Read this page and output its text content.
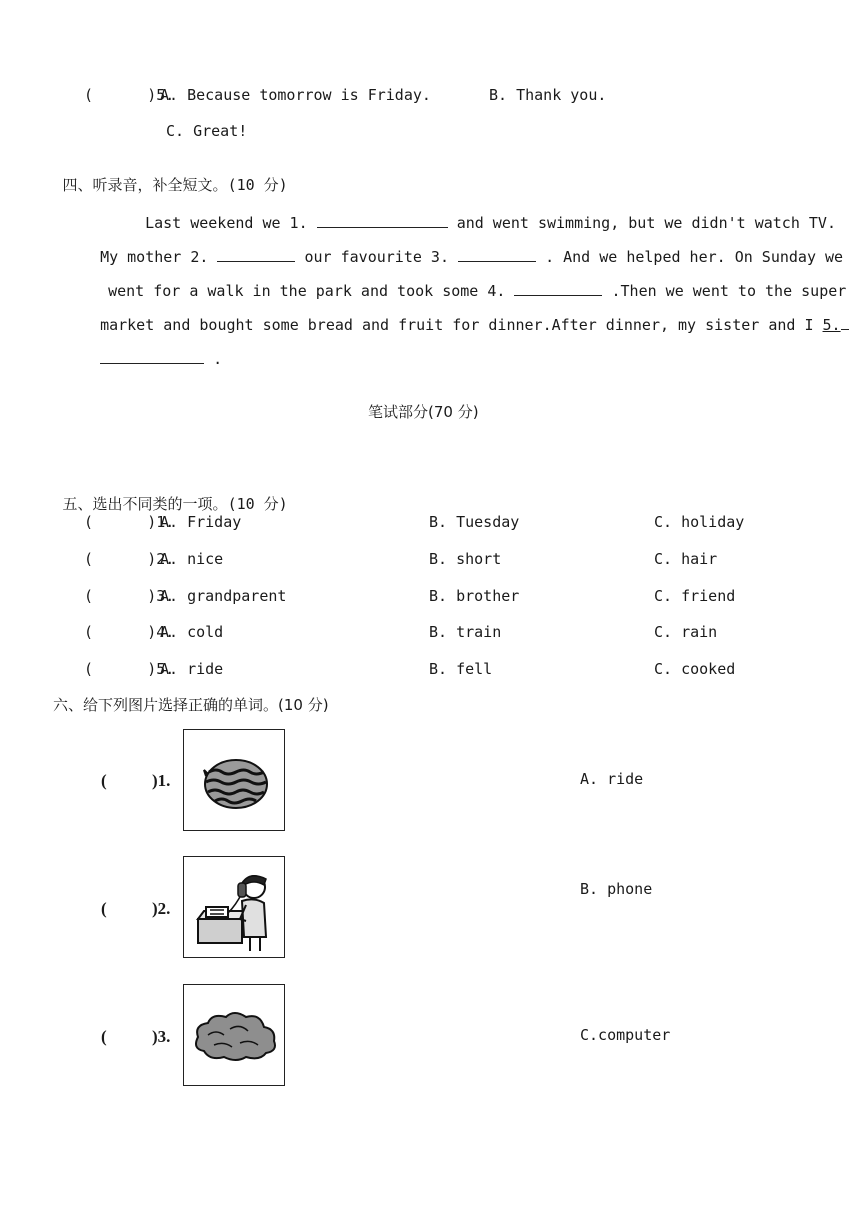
(      )5.
A. Because tomorrow is Friday.	B. Thank you.
C. Great!

四、听录音，补全短文。(10 分)

Last weekend we 1.	and went swimming, but we didn't watch TV.

My mother 2.	our favourite 3.	. And we helped her. On Sunday we

went for a walk in the park and took some 4.	.Then we went to the super

market and bought some bread and fruit for dinner.After dinner, my sister and I 5.

.

笔试部分(70 分)

五、选出不同类的一项。(10 分)

(      )1.
A. Friday	B. Tuesday	C. holiday
(      )2.
A. nice	B. short	C. hair
(      )3.
A. grandparent	B. brother	C. friend
(      )4.
A. cold	B. train	C. rain
(      )5.
A. ride	B. fell	C. cooked
六、给下列图片选择正确的单词。(10 分)
(	)1.	A. ride
(	)2.
B. phone
(	)3.	C.computer
